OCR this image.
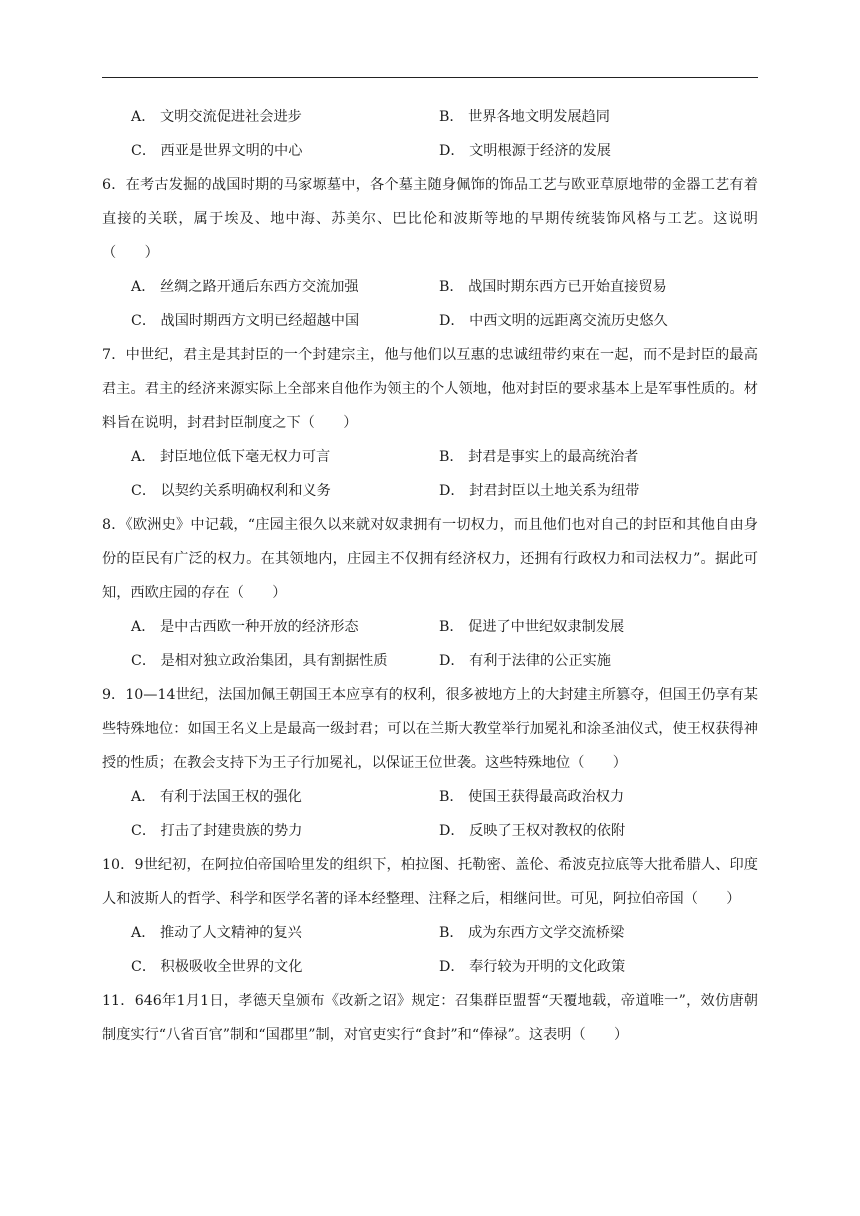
A． 文明交流促进社会进步	B． 世界各地文明发展趋同
C． 西亚是世界文明的中心	D． 文明根源于经济的发展
6．在考古发掘的战国时期的马家塬墓中，各个墓主随身佩饰的饰品工艺与欧亚草原地带的金器工艺有着直接的关联，属于埃及、地中海、苏美尔、巴比伦和波斯等地的早期传统装饰风格与工艺。这说明（　　）
A． 丝绸之路开通后东西方交流加强	B． 战国时期东西方已开始直接贸易
C． 战国时期西方文明已经超越中国	D． 中西文明的远距离交流历史悠久
7．中世纪，君主是其封臣的一个封建宗主，他与他们以互惠的忠诚纽带约束在一起，而不是封臣的最高君主。君主的经济来源实际上全部来自他作为领主的个人领地，他对封臣的要求基本上是军事性质的。材料旨在说明，封君封臣制度之下（　　）
A． 封臣地位低下毫无权力可言	B． 封君是事实上的最高统治者
C． 以契约关系明确权利和义务	D． 封君封臣以土地关系为纽带
8．《欧洲史》中记载，“庄园主很久以来就对奴隶拥有一切权力，而且他们也对自己的封臣和其他自由身份的臣民有广泛的权力。在其领地内，庄园主不仅拥有经济权力，还拥有行政权力和司法权力”。据此可知，西欧庄园的存在（　　）
A． 是中古西欧一种开放的经济形态	B． 促进了中世纪奴隶制发展
C． 是相对独立政治集团，具有割据性质	D． 有利于法律的公正实施
9．10—14世纪，法国加佩王朝国王本应享有的权利，很多被地方上的大封建主所篡夺，但国王仍享有某些特殊地位：如国王名义上是最高一级封君；可以在兰斯大教堂举行加冕礼和涂圣油仪式，使王权获得神授的性质；在教会支持下为王子行加冕礼，以保证王位世袭。这些特殊地位（　　）
A． 有利于法国王权的强化	B． 使国王获得最高政治权力
C． 打击了封建贵族的势力	D． 反映了王权对教权的依附
10．9世纪初，在阿拉伯帝国哈里发的组织下，柏拉图、托勒密、盖伦、希波克拉底等大批希腊人、印度人和波斯人的哲学、科学和医学名著的译本经整理、注释之后，相继问世。可见，阿拉伯帝国（　　）
A． 推动了人文精神的复兴	B． 成为东西方文学交流桥梁
C． 积极吸收全世界的文化	D． 奉行较为开明的文化政策
11．646年1月1日，孝德天皇颁布《改新之诏》规定：召集群臣盟誓“天覆地载，帝道唯一”，效仿唐朝制度实行“八省百官”制和“国郡里”制，对官吏实行“食封”和“俸禄”。这表明（　　）
